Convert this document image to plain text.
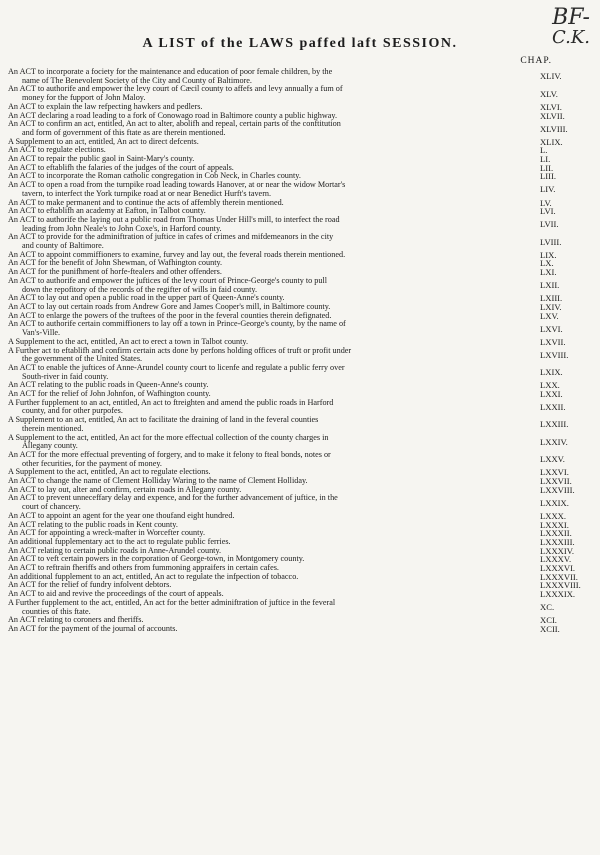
BF-
C.K.
A LIST of the LAWS paffed laft SESSION.
CHAP.
An ACT to incorporate a fociety for the maintenance and education of poor female children, by the
name of The Benevolent Society of the City and County of Baltimore.	XLIV.
An ACT to authorife and empower the levy court of Cæcil county to affefs and levy annually a fum of
money for the fupport of John Maloy.	XLV.
An ACT to explain the law refpecting hawkers and pedlers.	XLVI.
An ACT declaring a road leading to a fork of Conowago road in Baltimore county a public highway.	XLVII.
An ACT to confirm an act, entitled, An act to alter, abolifh and repeal, certain parts of the conftitution
and form of government of this ftate as are therein mentioned.	XLVIII.
A Supplement to an act, entitled, An act to direct defcents.	XLIX.
An ACT to regulate elections.	L.
An ACT to repair the public gaol in Saint-Mary's county.	LI.
An ACT to eftablifh the falaries of the judges of the court of appeals.	LII.
An ACT to incorporate the Roman catholic congregation in Cob Neck, in Charles county.	LIII.
An ACT to open a road from the turnpike road leading towards Hanover, at or near the widow Mortar's
tavern, to interfect the York turnpike road at or near Benedict Hurft's tavern.	LIV.
An ACT to make permanent and to continue the acts of affembly therein mentioned.	LV.
An ACT to eftablifh an academy at Eafton, in Talbot county.	LVI.
An ACT to authorife the laying out a public road from Thomas Under Hill's mill, to interfect the road
leading from John Neale's to John Coxe's, in Harford county.	LVII.
An ACT to provide for the adminiftration of juftice in cafes of crimes and mifdemeanors in the city
and county of Baltimore.	LVIII.
An ACT to appoint commiffioners to examine, furvey and lay out, the feveral roads therein mentioned.	LIX.
An ACT for the benefit of John Shewman, of Wafhington county.	LX.
An ACT for the punifhment of horfe-ftealers and other offenders.	LXI.
An ACT to authorife and empower the juftices of the levy court of Prince-George's county to pull
down the repofitory of the records of the regifter of wills in faid county.	LXII.
An ACT to lay out and open a public road in the upper part of Queen-Anne's county.	LXIII.
An ACT to lay out certain roads from Andrew Gore and James Cooper's mill, in Baltimore county.	LXIV.
An ACT to enlarge the powers of the truftees of the poor in the feveral counties therein defignated.	LXV.
An ACT to authorife certain commiffioners to lay off a town in Prince-George's county, by the name of
Van's-Ville.	LXVI.
A Supplement to the act, entitled, An act to erect a town in Talbot county.	LXVII.
A Further act to eftablifh and confirm certain acts done by perfons holding offices of truft or profit under
the government of the United States.	LXVIII.
An ACT to enable the juftices of Anne-Arundel county court to licenfe and regulate a public ferry over
South-river in faid county.	LXIX.
An ACT relating to the public roads in Queen-Anne's county.	LXX.
An ACT for the relief of John Johnfon, of Wafhington county.	LXXI.
A Further fupplement to an act, entitled, An act to ftreighten and amend the public roads in Harford
county, and for other purpofes.	LXXII.
A Supplement to an act, entitled, An act to facilitate the draining of land in the feveral counties
therein mentioned.	LXXIII.
A Supplement to the act, entitled, An act for the more effectual collection of the county charges in
Allegany county.	LXXIV.
An ACT for the more effectual preventing of forgery, and to make it felony to fteal bonds, notes or
other fecurities, for the payment of money.	LXXV.
A Supplement to the act, entitled, An act to regulate elections.	LXXVI.
An ACT to change the name of Clement Holliday Waring to the name of Clement Holliday.	LXXVII.
An ACT to lay out, alter and confirm, certain roads in Allegany county.	LXXVIII.
An ACT to prevent unneceffary delay and expence, and for the further advancement of juftice, in the
court of chancery.	LXXIX.
An ACT to appoint an agent for the year one thoufand eight hundred.	LXXX.
An ACT relating to the public roads in Kent county.	LXXXI.
An ACT for appointing a wreck-mafter in Worcefter county.	LXXXII.
An additional fupplementary act to the act to regulate public ferries.	LXXXIII.
An ACT relating to certain public roads in Anne-Arundel county.	LXXXIV.
An ACT to veft certain powers in the corporation of George-town, in Montgomery county.	LXXXV.
An ACT to reftrain fheriffs and others from fummoning appraifers in certain cafes.	LXXXVI.
An additional fupplement to an act, entitled, An act to regulate the infpection of tobacco.	LXXXVII.
An ACT for the relief of fundry infolvent debtors.	LXXXVIII.
An ACT to aid and revive the proceedings of the court of appeals.	LXXXIX.
A Further fupplement to the act, entitled, An act for the better adminiftration of juftice in the feveral
counties of this ftate.	XC.
An ACT relating to coroners and fheriffs.	XCI.
An ACT for the payment of the journal of accounts.	XCII.
